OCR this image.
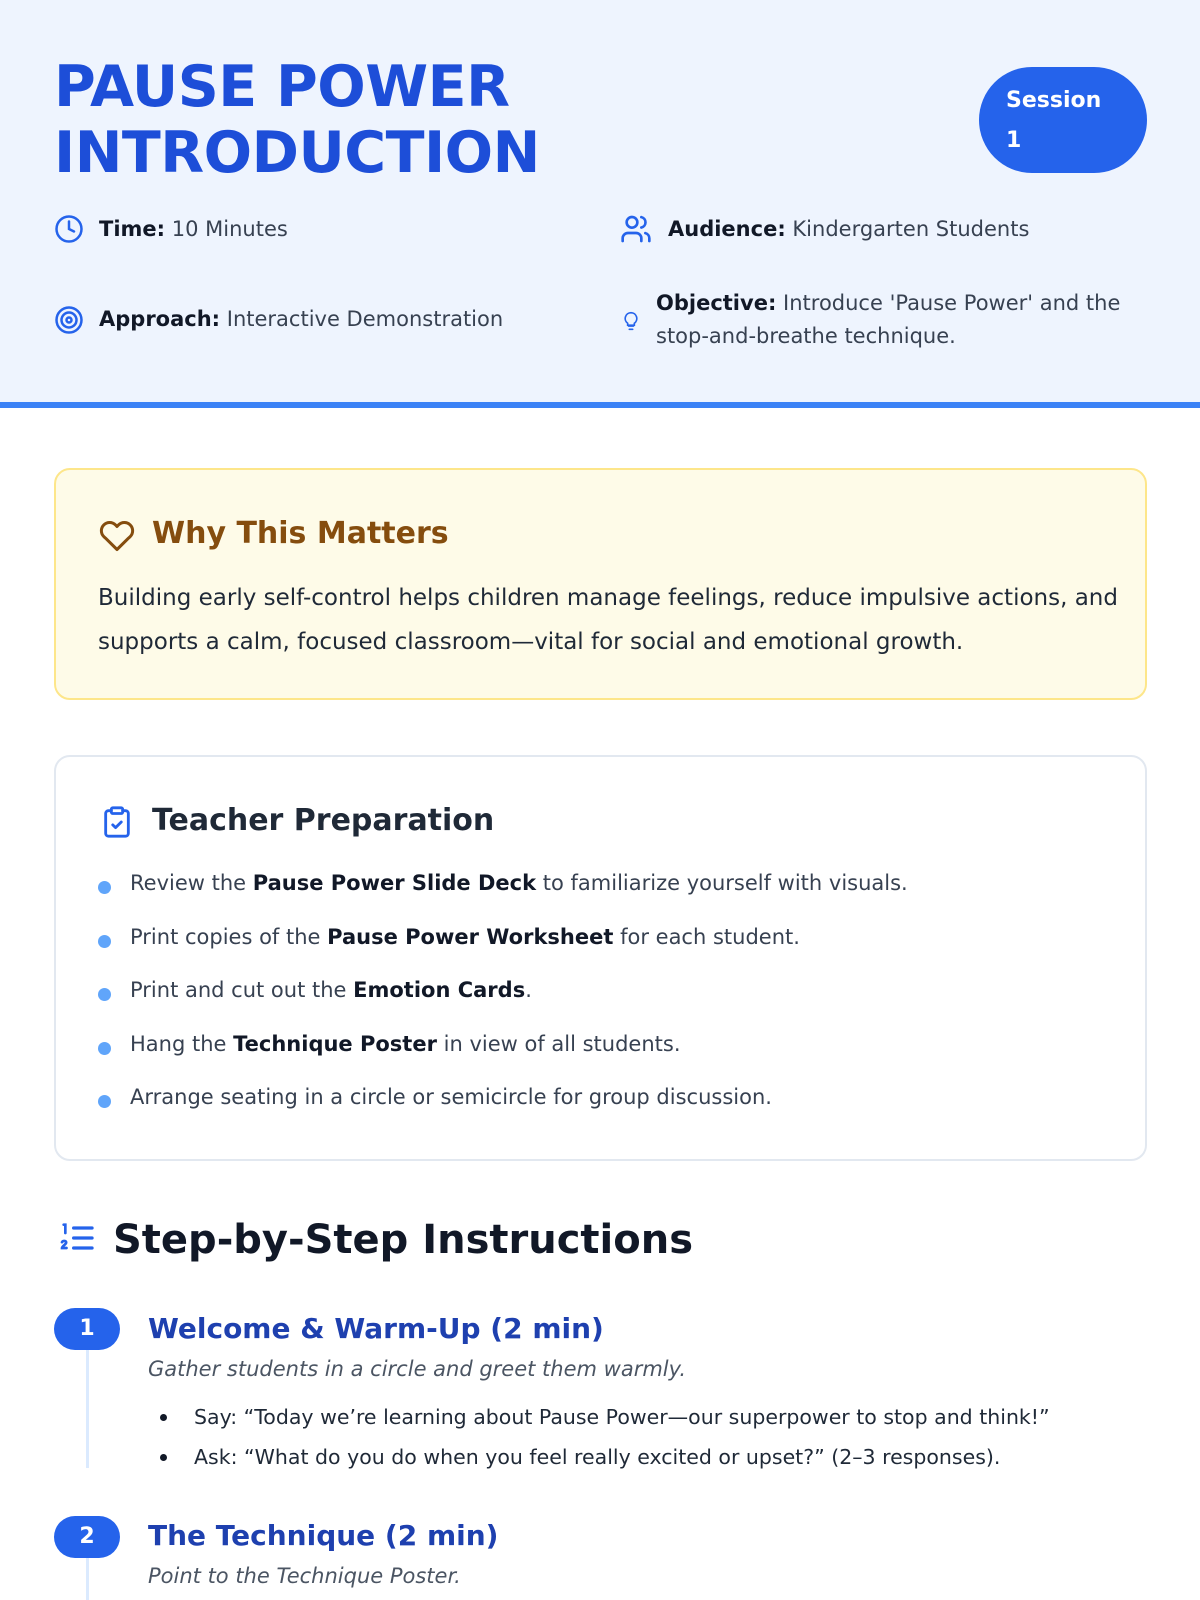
PAUSE POWER INTRODUCTION
Session
1
Time: 10 Minutes	Audience: Kindergarten Students
Approach: Interactive Demonstration
Objective: Introduce 'Pause Power' and the stop-and-breathe technique.
Why This Matters

Building early self-control helps children manage feelings, reduce impulsive actions, and supports a calm, focused classroom—vital for social and emotional growth.

Teacher Preparation
Review the Pause Power Slide Deck to familiarize yourself with visuals.
Print copies of the Pause Power Worksheet for each student.
Print and cut out the Emotion Cards.
Hang the Technique Poster in view of all students.
Arrange seating in a circle or semicircle for group discussion.
Step-by-Step Instructions
1	Welcome & Warm-Up (2 min)

Gather students in a circle and greet them warmly.

Say: “Today we’re learning about Pause Power—our superpower to stop and think!”
Ask: “What do you do when you feel really excited or upset?” (2–3 responses).
2	The Technique (2 min)

Point to the Technique Poster.
